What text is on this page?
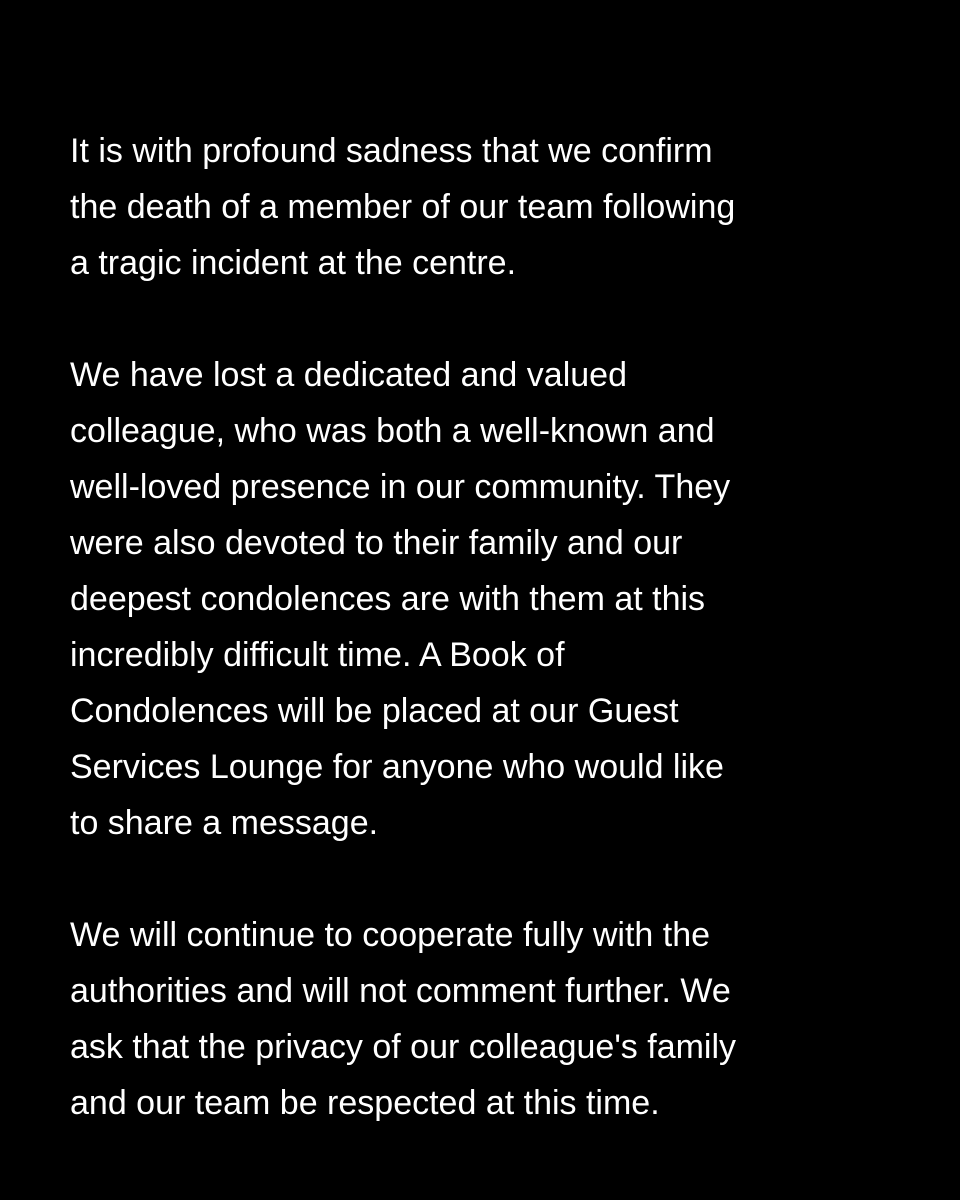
It is with profound sadness that we confirm
the death of a member of our team following
a tragic incident at the centre.

We have lost a dedicated and valued
colleague, who was both a well-known and
well-loved presence in our community. They
were also devoted to their family and our
deepest condolences are with them at this
incredibly difficult time. A Book of
Condolences will be placed at our Guest
Services Lounge for anyone who would like
to share a message.

We will continue to cooperate fully with the
authorities and will not comment further. We
ask that the privacy of our colleague's family
and our team be respected at this time.
